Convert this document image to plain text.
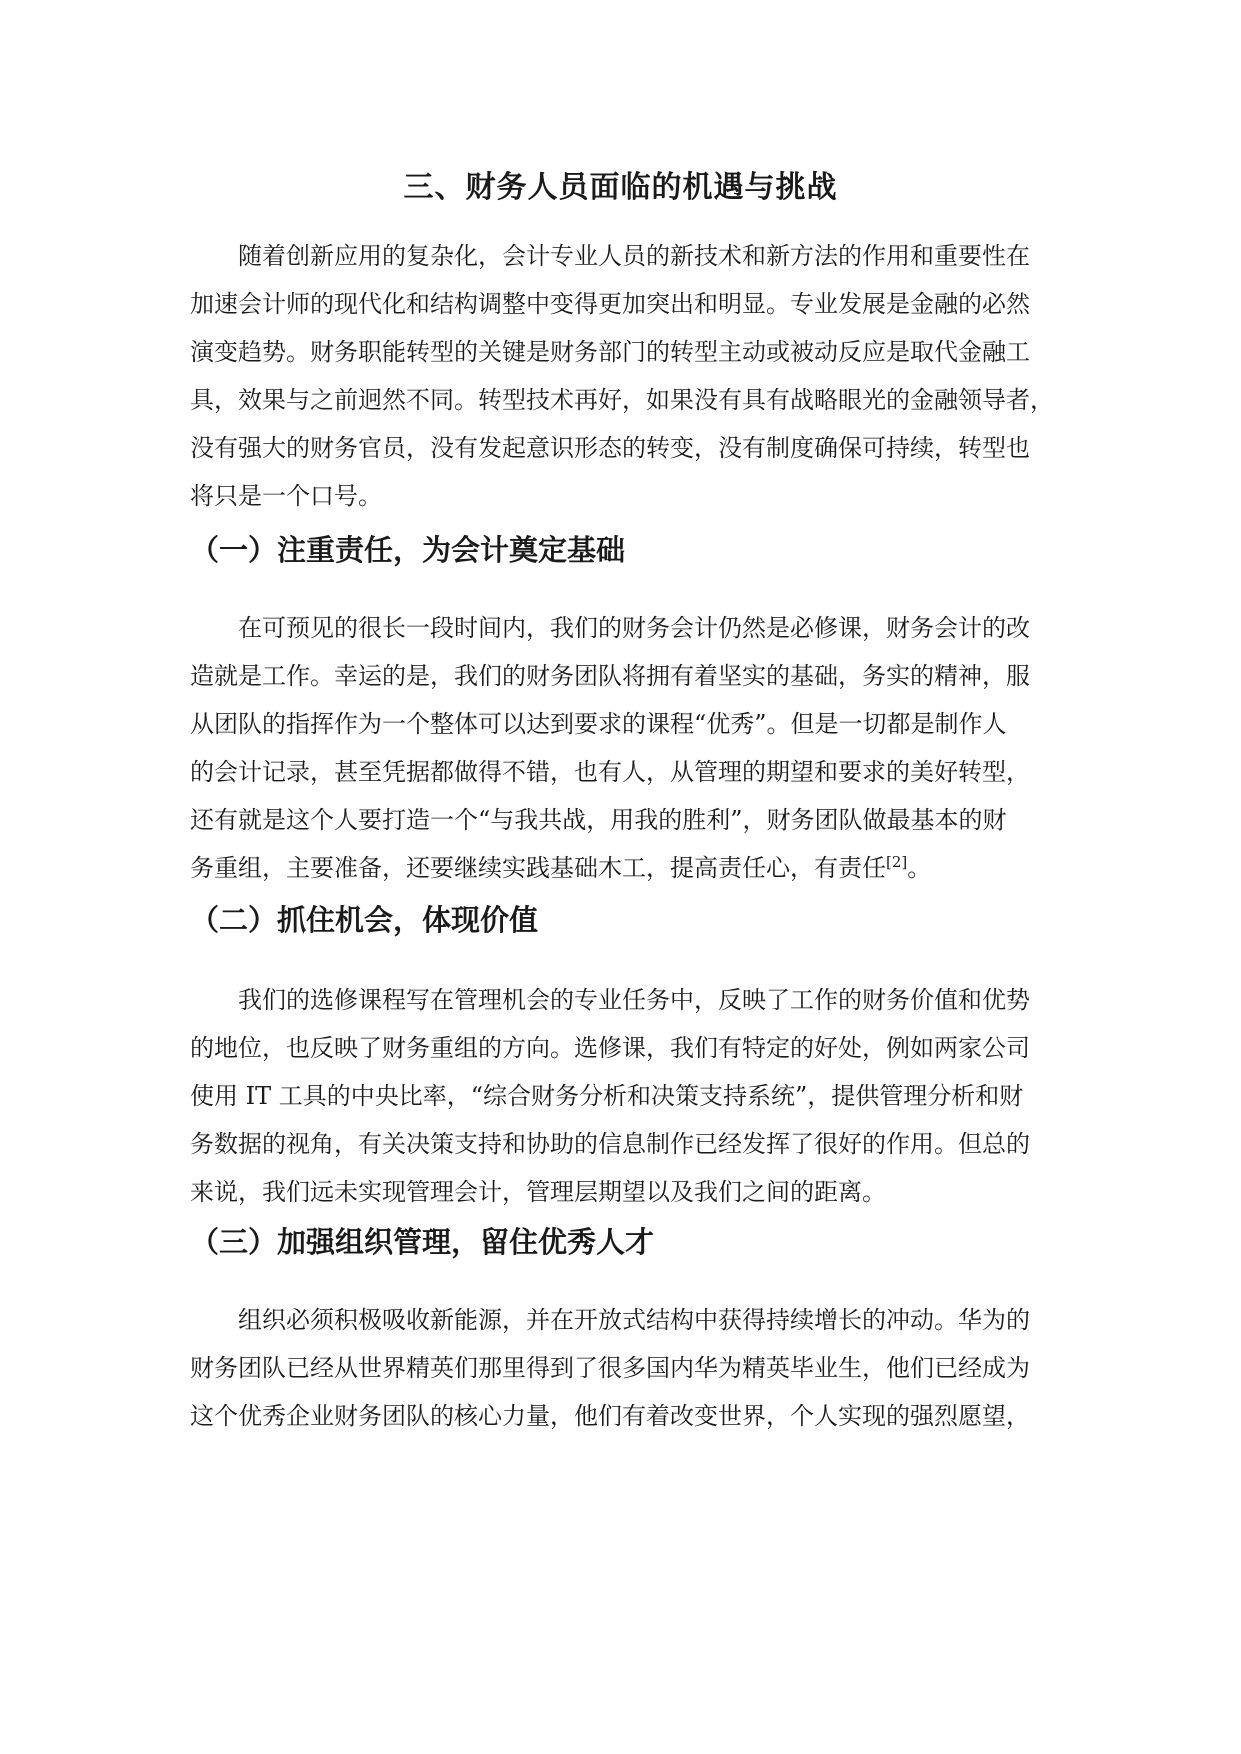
三、财务人员面临的机遇与挑战
随着创新应用的复杂化，会计专业人员的新技术和新方法的作用和重要性在
加速会计师的现代化和结构调整中变得更加突出和明显。专业发展是金融的必然
演变趋势。财务职能转型的关键是财务部门的转型主动或被动反应是取代金融工
具，效果与之前迥然不同。转型技术再好，如果没有具有战略眼光的金融领导者，
没有强大的财务官员，没有发起意识形态的转变，没有制度确保可持续，转型也
将只是一个口号。
（一）注重责任，为会计奠定基础
在可预见的很长一段时间内，我们的财务会计仍然是必修课，财务会计的改
造就是工作。幸运的是，我们的财务团队将拥有着坚实的基础，务实的精神，服
从团队的指挥作为一个整体可以达到要求的课程“优秀”。但是一切都是制作人
的会计记录，甚至凭据都做得不错，也有人，从管理的期望和要求的美好转型，
还有就是这个人要打造一个“与我共战，用我的胜利”，财务团队做最基本的财
务重组，主要准备，还要继续实践基础木工，提高责任心，有责任[2]。
（二）抓住机会，体现价值
我们的选修课程写在管理机会的专业任务中，反映了工作的财务价值和优势
的地位，也反映了财务重组的方向。选修课，我们有特定的好处，例如两家公司
使用 IT 工具的中央比率，“综合财务分析和决策支持系统”，提供管理分析和财
务数据的视角，有关决策支持和协助的信息制作已经发挥了很好的作用。但总的
来说，我们远未实现管理会计，管理层期望以及我们之间的距离。
（三）加强组织管理，留住优秀人才
组织必须积极吸收新能源，并在开放式结构中获得持续增长的冲动。华为的
财务团队已经从世界精英们那里得到了很多国内华为精英毕业生，他们已经成为
这个优秀企业财务团队的核心力量，他们有着改变世界，个人实现的强烈愿望，
